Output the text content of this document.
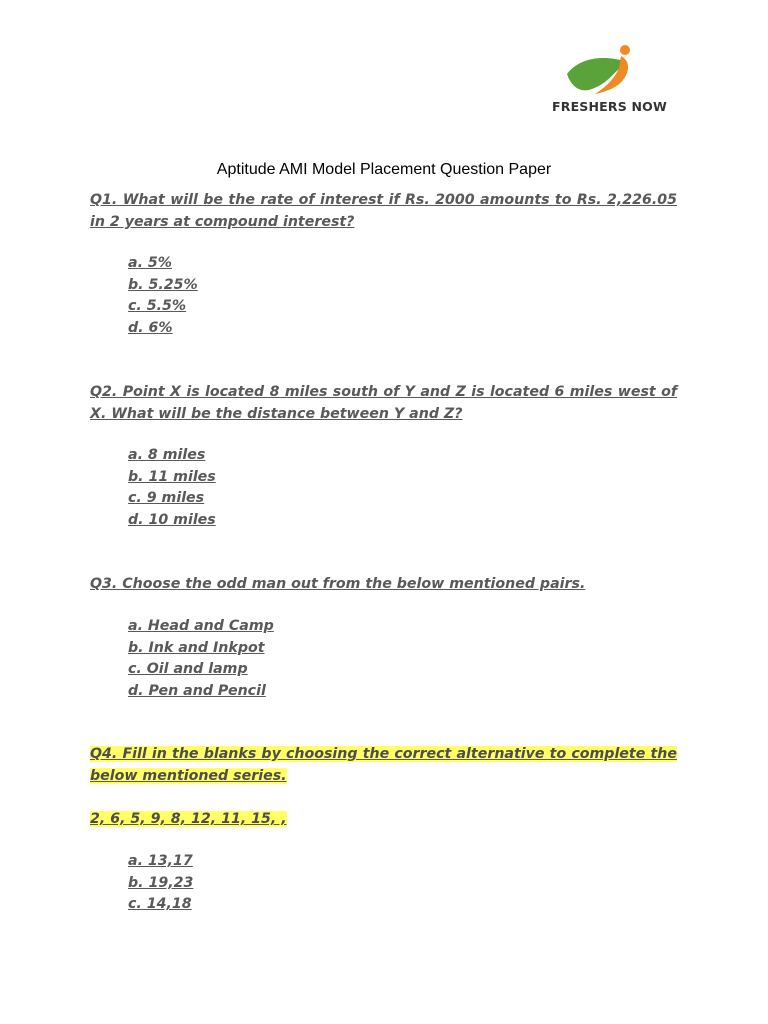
FRESHERS NOW
Aptitude AMI Model Placement Question Paper
Q1. What will be the rate of interest if Rs. 2000 amounts to Rs. 2,226.05 in 2 years at compound interest?
a. 5%
b. 5.25%
c. 5.5%
d. 6%
Q2. Point X is located 8 miles south of Y and Z is located 6 miles west of X. What will be the distance between Y and Z?
a. 8 miles
b. 11 miles
c. 9 miles
d. 10 miles
Q3. Choose the odd man out from the below mentioned pairs.
a. Head and Camp
b. Ink and Inkpot
c. Oil and lamp
d. Pen and Pencil
Q4. Fill in the blanks by choosing the correct alternative to complete the below mentioned series.
2, 6, 5, 9, 8, 12, 11, 15, ,
a. 13,17
b. 19,23
c. 14,18
